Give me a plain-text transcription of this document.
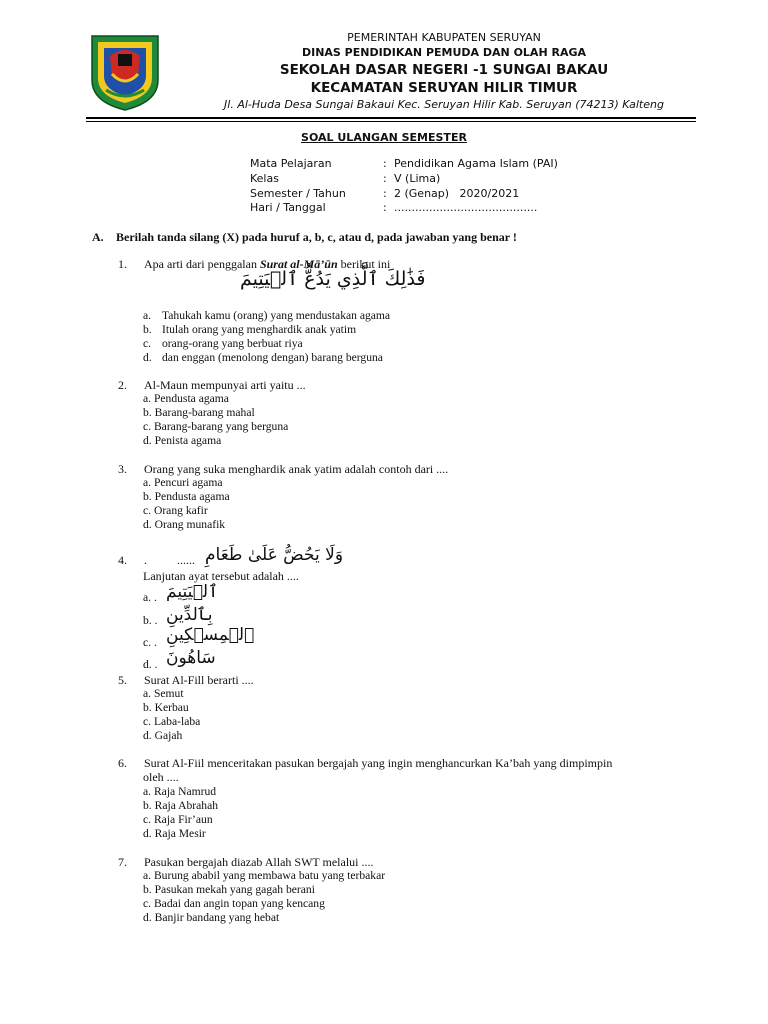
PEMERINTAH KABUPATEN SERUYAN
DINAS PENDIDIKAN PEMUDA DAN OLAH RAGA
SEKOLAH DASAR NEGERI -1 SUNGAI BAKAU
KECAMATAN SERUYAN HILIR TIMUR
Jl. Al-Huda Desa Sungai Bakaui Kec. Seruyan Hilir Kab. Seruyan (74213) Kalteng
SOAL ULANGAN SEMESTER
Mata Pelajaran	: Pendidikan Agama Islam (PAI)
Kelas	: V (Lima)
Semester / Tahun	: 2 (Genap)   2020/2021
Hari / Tanggal	: .........................................
A. Berilah tanda silang (X) pada huruf a, b, c, atau d, pada jawaban yang benar !
1. Apa arti dari penggalan Surat al-Mā’ūn berikut ini
فَذَٰلِكَ ٱلَّذِي يَدُعُّ ٱلۡيَتِيمَ
a. Tahukah kamu (orang) yang mendustakan agama
b. Itulah orang yang menghardik anak yatim
c. orang-orang yang berbuat riya
d. dan enggan (menolong dengan) barang berguna
2. Al-Maun mempunyai arti yaitu ...
a. Pendusta agama
b. Barang-barang mahal
c. Barang-barang yang berguna
d. Penista agama
3. Orang yang suka menghardik anak yatim adalah contoh dari ....
a. Pencuri agama
b. Pendusta agama
c. Orang kafir
d. Orang munafik
4. .          ...... وَلَا يَحُضُّ عَلَىٰ طَعَامِ
Lanjutan ayat tersebut adalah ....
a. . ٱلۡيَتِيمَ
b. . بِٱلدِّينِ
c. . ٱلۡمِسۡكِينِ
d. . سَاهُونَ
5. Surat Al-Fill berarti ....
a. Semut
b. Kerbau
c. Laba-laba
d. Gajah
6. Surat Al-Fiil menceritakan pasukan bergajah yang ingin menghancurkan Ka’bah yang dimpimpin
oleh ....
a. Raja Namrud
b. Raja Abrahah
c. Raja Fir’aun
d. Raja Mesir
7. Pasukan bergajah diazab Allah SWT melalui ....
a. Burung ababil yang membawa batu yang terbakar
b. Pasukan mekah yang gagah berani
c. Badai dan angin topan yang kencang
d. Banjir bandang yang hebat
